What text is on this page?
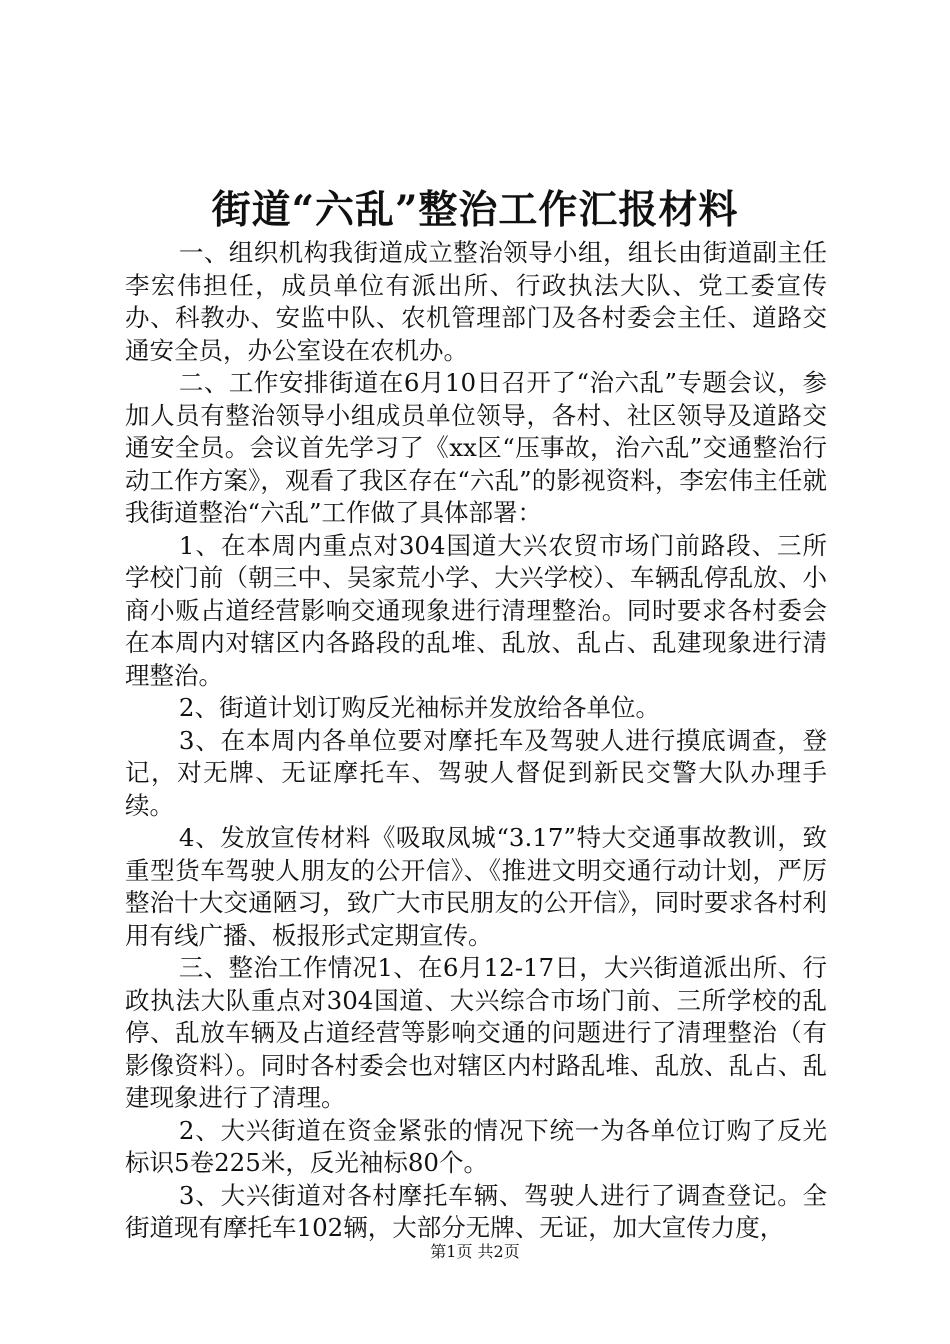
街道“六乱”整治工作汇报材料

一、组织机构我街道成立整治领导小组，组长由街道副主任李宏伟担任，成员单位有派出所、行政执法大队、党工委宣传办、科教办、安监中队、农机管理部门及各村委会主任、道路交通安全员，办公室设在农机办。

二、工作安排街道在6月10日召开了“治六乱”专题会议，参加人员有整治领导小组成员单位领导，各村、社区领导及道路交通安全员。会议首先学习了《xx区“压事故，治六乱”交通整治行动工作方案》，观看了我区存在“六乱”的影视资料，李宏伟主任就我街道整治“六乱”工作做了具体部署：

1、在本周内重点对304国道大兴农贸市场门前路段、三所学校门前（朝三中、吴家荒小学、大兴学校）、车辆乱停乱放、小商小贩占道经营影响交通现象进行清理整治。同时要求各村委会在本周内对辖区内各路段的乱堆、乱放、乱占、乱建现象进行清理整治。

2、街道计划订购反光袖标并发放给各单位。

3、在本周内各单位要对摩托车及驾驶人进行摸底调查，登记，对无牌、无证摩托车、驾驶人督促到新民交警大队办理手续。

4、发放宣传材料《吸取凤城“3.17”特大交通事故教训，致重型货车驾驶人朋友的公开信》、《推进文明交通行动计划，严厉整治十大交通陋习，致广大市民朋友的公开信》，同时要求各村利用有线广播、板报形式定期宣传。

三、整治工作情况1、在6月12-17日，大兴街道派出所、行政执法大队重点对304国道、大兴综合市场门前、三所学校的乱停、乱放车辆及占道经营等影响交通的问题进行了清理整治（有影像资料）。同时各村委会也对辖区内村路乱堆、乱放、乱占、乱建现象进行了清理。

2、大兴街道在资金紧张的情况下统一为各单位订购了反光标识5卷225米，反光袖标80个。

3、大兴街道对各村摩托车辆、驾驶人进行了调查登记。全街道现有摩托车102辆，大部分无牌、无证，加大宣传力度，

第1页 共2页
